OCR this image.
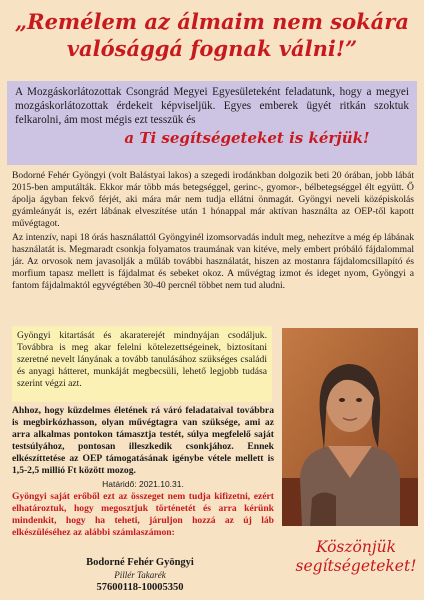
„Remélem az álmaim nem sokára valósággá fognak válni!”
A Mozgáskorlátozottak Csongrád Megyei Egyesületeként feladatunk, hogy a megyei mozgáskorlátozottak érdekeit képviseljük. Egyes emberek ügyét ritkán szoktuk felkarolni, ám most mégis ezt tesszük és
a Ti segítségeteket is kérjük!

Bodorné Fehér Gyöngyi (volt Balástyai lakos) a szegedi irodánkban dolgozik beti 20 órában, jobb lábát 2015-ben amputálták. Ekkor már több más betegséggel, gerinc-, gyomor-, bélbetegséggel élt együtt. Ő ápolja ágyban fekvő férjét, aki mára már nem tudja ellátni önmagát. Gyöngyi neveli középiskolás gyámleányát is, ezért lábának elveszítése után 1 hónappal már aktívan használta az OEP-től kapott művégtagot.

Az intenzív, napi 18 órás használattól Gyöngyinél izomsorvadás indult meg, nehezítve a még ép lábának használatát is. Megmaradt csonkja folyamatos traumának van kitéve, mely embert próbáló fájdalommal jár. Az orvosok nem javasolják a műláb további használatát, hiszen az mostanra fájdalomcsillapító és morfium tapasz mellett is fájdalmat és sebeket okoz. A művégtag izmot és ideget nyom, Gyöngyi a fantom fájdalmaktól egyvégtében 30-40 percnél többet nem tud aludni.

Gyöngyi kitartását és akaraterejét mindnyájan csodáljuk. Továbbra is meg akar felelni kötelezettségeinek, biztosítani szeretné nevelt lányának a tovább tanulásához szükséges családi és anyagi hátteret, munkáját megbecsüli, lehető legjobb tudása szerint végzi azt.

Ahhoz, hogy küzdelmes életének rá váró feladataival továbbra is megbirkózhasson, olyan művégtagra van szüksége, ami az arra alkalmas pontokon támasztja testét, súlya megfelelő saját testsúlyához, pontosan illeszkedik csonkjához. Ennek elkészíttetése az OEP támogatásának igénybe vétele mellett is 1,5-2,5 millió Ft között mozog.

Határidő: 2021.10.31.

Gyöngyi saját erőből ezt az összeget nem tudja kifizetni, ezért elhatároztuk, hogy megosztjuk történetét és arra kérünk mindenkit, hogy ha teheti, járuljon hozzá az új láb elkészüléséhez az alábbi számlaszámon:

Bodorné Fehér Gyöngyi
Pillér Takarék
57600118-10005350
Köszönjük segítségeteket!
